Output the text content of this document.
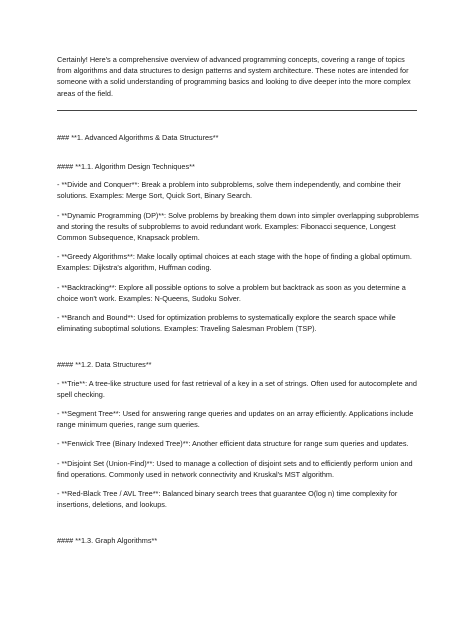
Certainly! Here's a comprehensive overview of advanced programming concepts, covering a range of topics from algorithms and data structures to design patterns and system architecture. These notes are intended for someone with a solid understanding of programming basics and looking to dive deeper into the more complex areas of the field.

### **1. Advanced Algorithms & Data Structures**

#### **1.1. Algorithm Design Techniques**

- **Divide and Conquer**: Break a problem into subproblems, solve them independently, and combine their solutions. Examples: Merge Sort, Quick Sort, Binary Search.

- **Dynamic Programming (DP)**: Solve problems by breaking them down into simpler overlapping subproblems and storing the results of subproblems to avoid redundant work. Examples: Fibonacci sequence, Longest Common Subsequence, Knapsack problem.

- **Greedy Algorithms**: Make locally optimal choices at each stage with the hope of finding a global optimum. Examples: Dijkstra's algorithm, Huffman coding.

- **Backtracking**: Explore all possible options to solve a problem but backtrack as soon as you determine a choice won't work. Examples: N-Queens, Sudoku Solver.

- **Branch and Bound**: Used for optimization problems to systematically explore the search space while eliminating suboptimal solutions. Examples: Traveling Salesman Problem (TSP).

#### **1.2. Data Structures**

- **Trie**: A tree-like structure used for fast retrieval of a key in a set of strings. Often used for autocomplete and spell checking.

- **Segment Tree**: Used for answering range queries and updates on an array efficiently. Applications include range minimum queries, range sum queries.

- **Fenwick Tree (Binary Indexed Tree)**: Another efficient data structure for range sum queries and updates.

- **Disjoint Set (Union-Find)**: Used to manage a collection of disjoint sets and to efficiently perform union and find operations. Commonly used in network connectivity and Kruskal's MST algorithm.

- **Red-Black Tree / AVL Tree**: Balanced binary search trees that guarantee O(log n) time complexity for insertions, deletions, and lookups.

#### **1.3. Graph Algorithms**
